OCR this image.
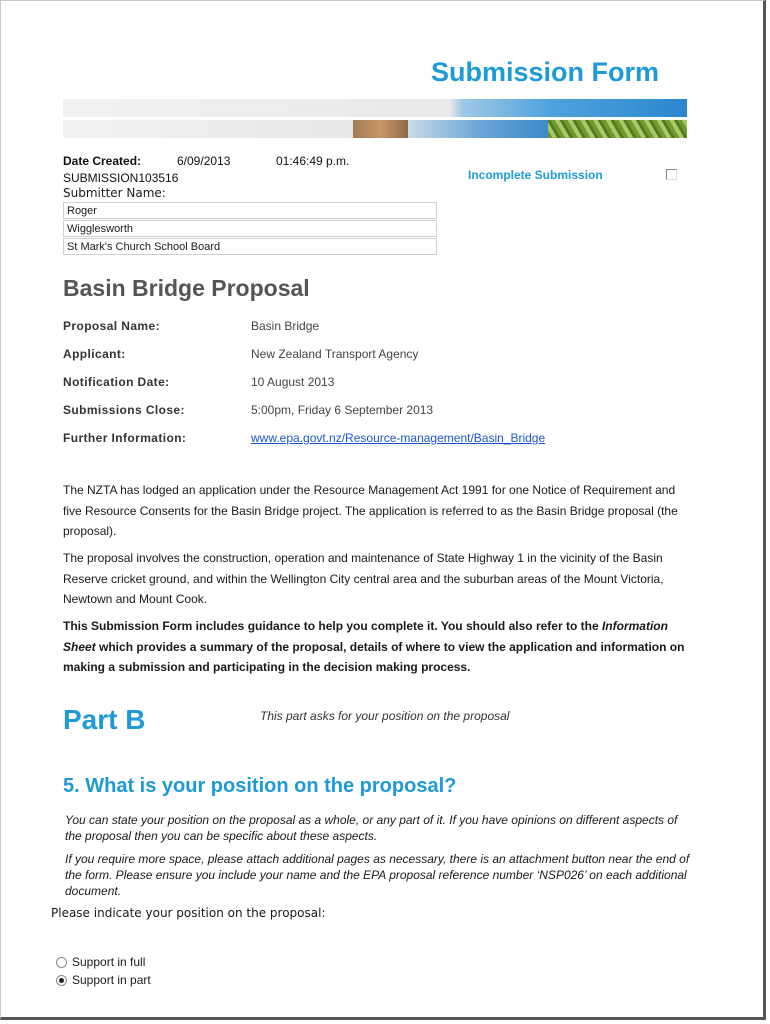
Submission Form
Date Created:	6/09/2013	01:46:49 p.m.
SUBMISSION103516	Incomplete Submission
Submitter Name:
Roger
Wigglesworth
St Mark's Church School Board
Basin Bridge Proposal
Proposal Name:	Basin Bridge
Applicant:	New Zealand Transport Agency
Notification Date:	10 August 2013
Submissions Close:	5:00pm, Friday 6 September 2013
Further Information:	www.epa.govt.nz/Resource-management/Basin_Bridge

The NZTA has lodged an application under the Resource Management Act 1991 for one Notice of Requirement and five Resource Consents for the Basin Bridge project. The application is referred to as the Basin Bridge proposal (the proposal).

The proposal involves the construction, operation and maintenance of State Highway 1 in the vicinity of the Basin Reserve cricket ground, and within the Wellington City central area and the suburban areas of the Mount Victoria, Newtown and Mount Cook.

This Submission Form includes guidance to help you complete it. You should also refer to the Information Sheet which provides a summary of the proposal, details of where to view the application and information on making a submission and participating in the decision making process.

Part B	This part asks for your position on the proposal
5. What is your position on the proposal?

You can state your position on the proposal as a whole, or any part of it. If you have opinions on different aspects of the proposal then you can be specific about these aspects.

If you require more space, please attach additional pages as necessary, there is an attachment button near the end of the form. Please ensure you include your name and the EPA proposal reference number ‘NSP026’ on each additional document.

Please indicate your position on the proposal:
Support in full
Support in part
